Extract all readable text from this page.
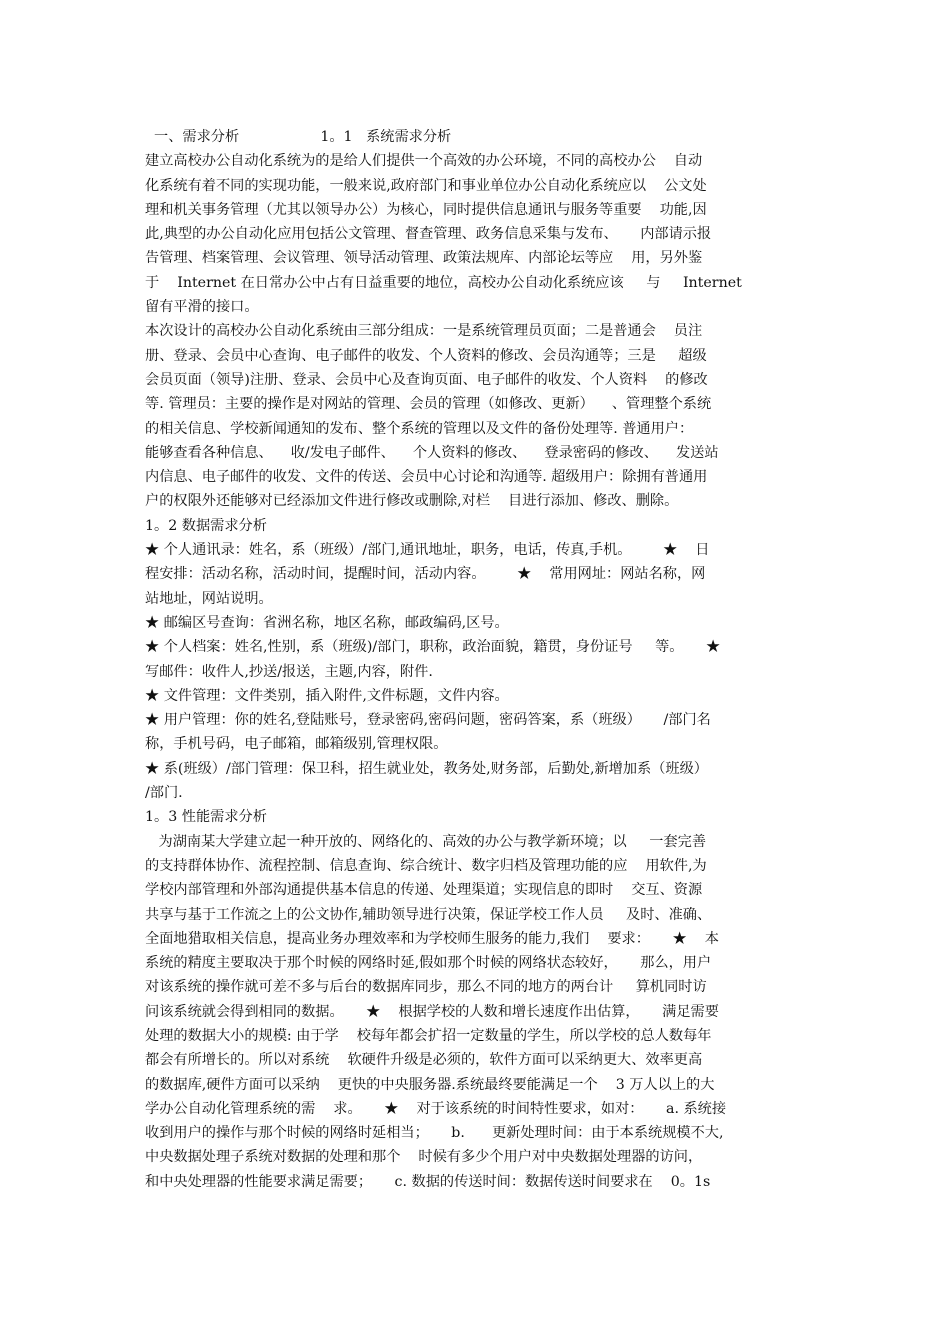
一、需求分析                  1。1   系统需求分析
建立高校办公自动化系统为的是给人们提供一个高效的办公环境，不同的高校办公    自动
化系统有着不同的实现功能，一般来说,政府部门和事业单位办公自动化系统应以    公文处
理和机关事务管理（尤其以领导办公）为核心，同时提供信息通讯与服务等重要    功能,因
此,典型的办公自动化应用包括公文管理、督查管理、政务信息采集与发布、     内部请示报
告管理、档案管理、会议管理、领导活动管理、政策法规库、内部论坛等应    用，另外鉴
于    Internet 在日常办公中占有日益重要的地位，高校办公自动化系统应该     与     Internet
留有平滑的接口。
本次设计的高校办公自动化系统由三部分组成：一是系统管理员页面；二是普通会    员注
册、登录、会员中心查询、电子邮件的收发、个人资料的修改、会员沟通等；三是     超级
会员页面（领导)注册、登录、会员中心及查询页面、电子邮件的收发、个人资料    的修改
等. 管理员：主要的操作是对网站的管理、会员的管理（如修改、更新）    、管理整个系统
的相关信息、学校新闻通知的发布、整个系统的管理以及文件的备份处理等. 普通用户：
能够查看各种信息、    收/发电子邮件、    个人资料的修改、    登录密码的修改、    发送站
内信息、电子邮件的收发、文件的传送、会员中心讨论和沟通等. 超级用户：除拥有普通用
户的权限外还能够对已经添加文件进行修改或删除,对栏    目进行添加、修改、删除。
1。2 数据需求分析
★ 个人通讯录：姓名，系（班级）/部门,通讯地址，职务，电话，传真,手机。       ★    日
程安排：活动名称，活动时间，提醒时间，活动内容。       ★    常用网址：网站名称，网
站地址，网站说明。
★ 邮编区号查询：省洲名称，地区名称，邮政编码,区号。
★ 个人档案：姓名,性别，系（班级)/部门，职称，政治面貌，籍贯，身份证号     等。     ★
写邮件：收件人,抄送/报送，主题,内容，附件.
★ 文件管理：文件类别，插入附件,文件标题，文件内容。
★ 用户管理：你的姓名,登陆账号，登录密码,密码问题，密码答案，系（班级）     /部门名
称，手机号码，电子邮箱，邮箱级别,管理权限。
★ 系(班级）/部门管理：保卫科，招生就业处，教务处,财务部，后勤处,新增加系（班级）
/部门.
1。3 性能需求分析
为湖南某大学建立起一种开放的、网络化的、高效的办公与教学新环境；以     一套完善
的支持群体协作、流程控制、信息查询、综合统计、数字归档及管理功能的应    用软件,为
学校内部管理和外部沟通提供基本信息的传递、处理渠道；实现信息的即时    交互、资源
共享与基于工作流之上的公文协作,辅助领导进行决策，保证学校工作人员     及时、准确、
全面地猎取相关信息，提高业务办理效率和为学校师生服务的能力,我们    要求：     ★    本
系统的精度主要取决于那个时候的网络时延,假如那个时候的网络状态较好，     那么，用户
对该系统的操作就可差不多与后台的数据库同步，那么不同的地方的两台计     算机同时访
问该系统就会得到相同的数据。     ★    根据学校的人数和增长速度作出估算，     满足需要
处理的数据大小的规模: 由于学    校每年都会扩招一定数量的学生，所以学校的总人数每年
都会有所增长的。所以对系统    软硬件升级是必须的，软件方面可以采纳更大、效率更高
的数据库,硬件方面可以采纳    更快的中央服务器.系统最终要能满足一个    3 万人以上的大
学办公自动化管理系统的需    求。     ★    对于该系统的时间特性要求，如对：     a. 系统接
收到用户的操作与那个时候的网络时延相当；     b.      更新处理时间：由于本系统规模不大,
中央数据处理子系统对数据的处理和那个    时候有多少个用户对中央数据处理器的访问，
和中央处理器的性能要求满足需要；     c. 数据的传送时间：数据传送时间要求在    0。1s
